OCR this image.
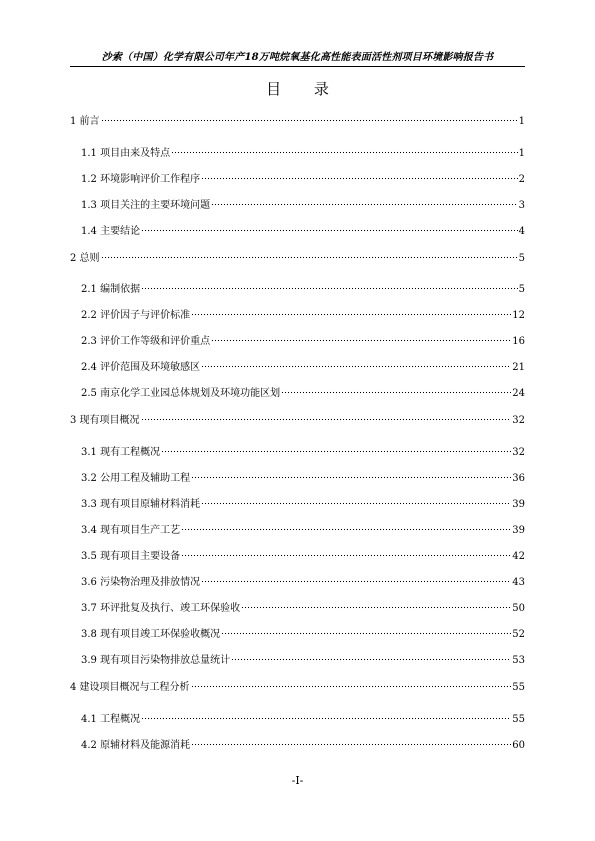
沙索（中国）化学有限公司年产18万吨烷氧基化高性能表面活性剂项目环境影响报告书
目 录
1 前言	1
1.1 项目由来及特点	1
1.2 环境影响评价工作程序	2
1.3 项目关注的主要环境问题	3
1.4 主要结论	4
2 总则	5
2.1 编制依据	5
2.2 评价因子与评价标准	12
2.3 评价工作等级和评价重点	16
2.4 评价范围及环境敏感区	21
2.5 南京化学工业园总体规划及环境功能区划	24
3 现有项目概况	32
3.1 现有工程概况	32
3.2 公用工程及辅助工程	36
3.3 现有项目原辅材料消耗	39
3.4 现有项目生产工艺	39
3.5 现有项目主要设备	42
3.6 污染物治理及排放情况	43
3.7 环评批复及执行、竣工环保验收	50
3.8 现有项目竣工环保验收概况	52
3.9 现有项目污染物排放总量统计	53
4 建设项目概况与工程分析	55
4.1 工程概况	55
4.2 原辅材料及能源消耗	60
-I-
